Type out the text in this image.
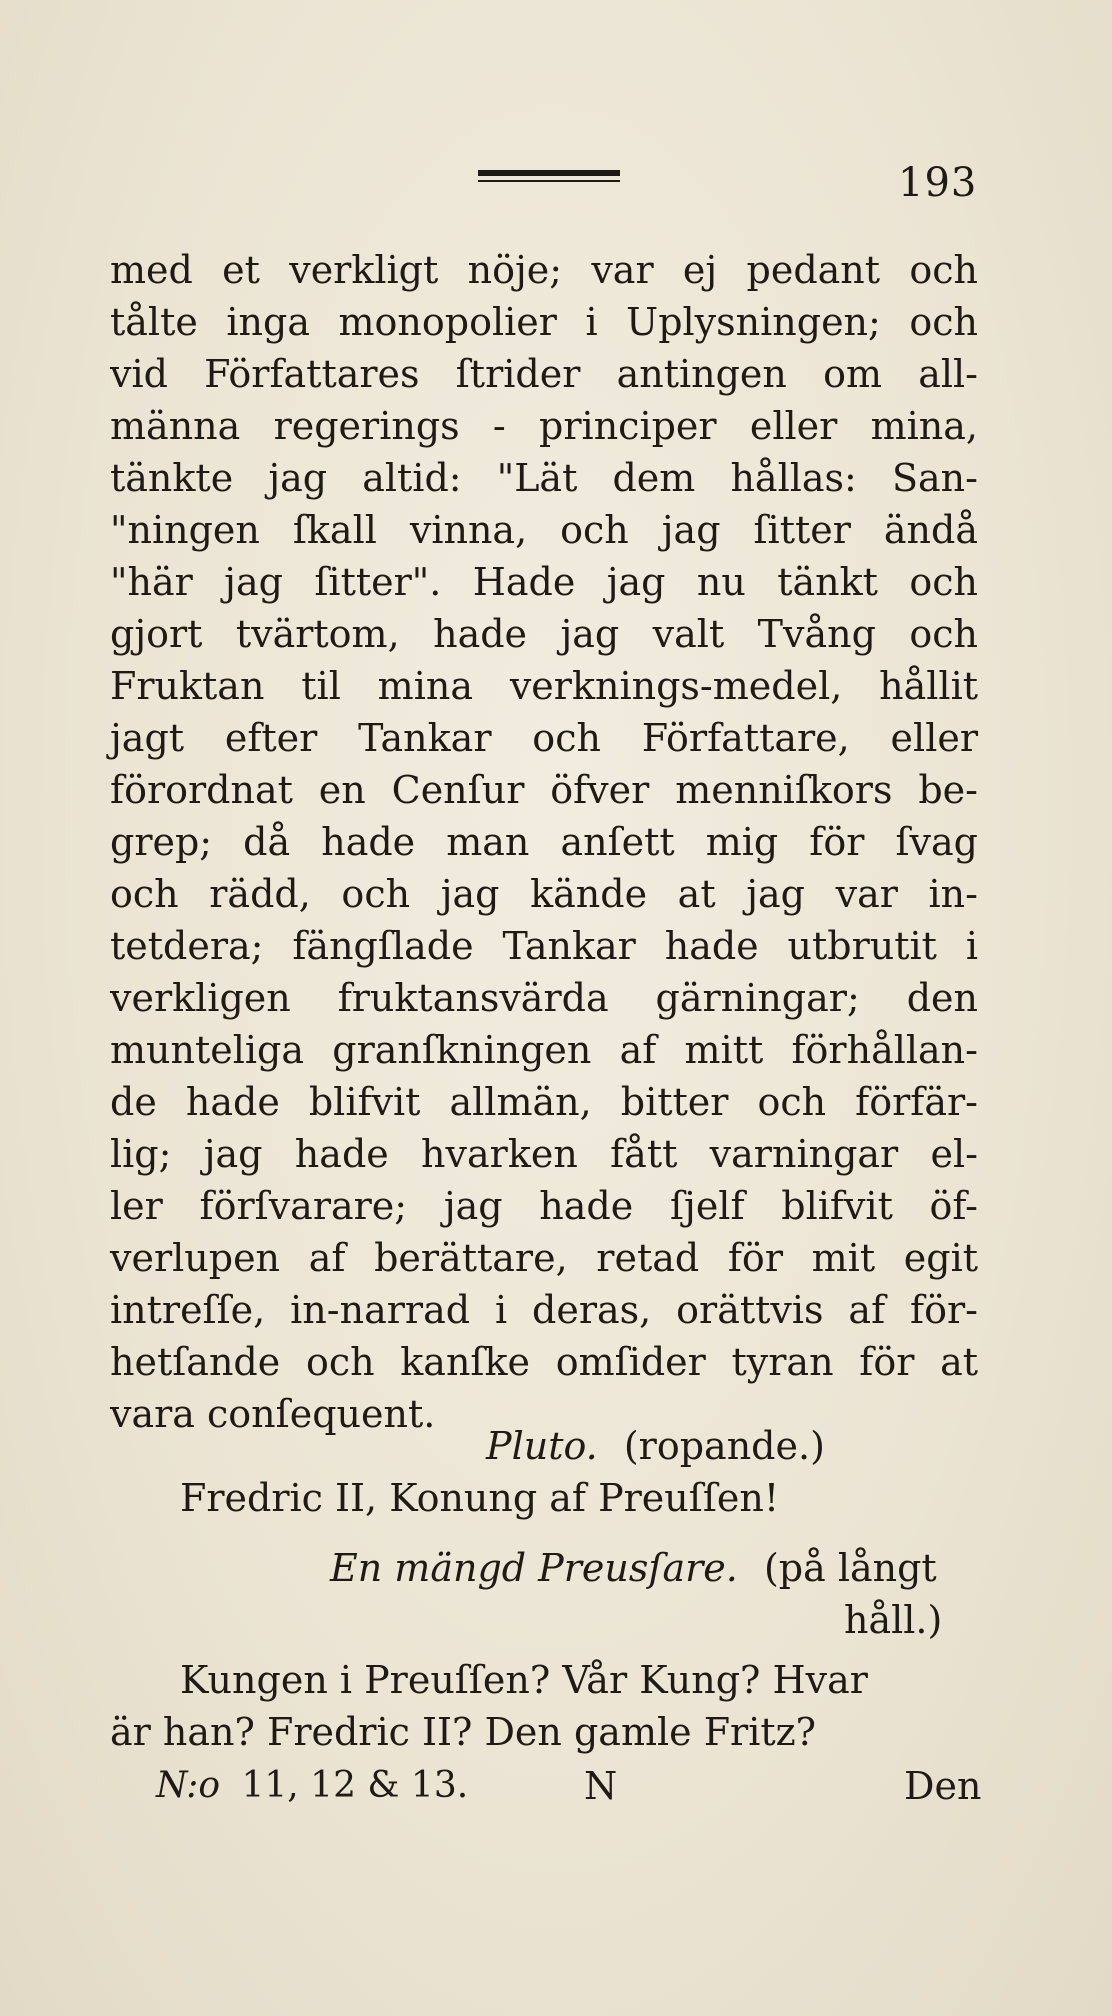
193
med et verkligt nöje; var ej pedant och
tålte inga monopolier i Uplysningen; och
vid Författares ſtrider antingen om all-
männa regerings - principer eller mina,
tänkte jag altid: "Lät dem hållas: San-
"ningen ſkall vinna, och jag ſitter ändå
"här jag ſitter". Hade jag nu tänkt och
gjort tvärtom, hade jag valt Tvång och
Fruktan til mina verknings-medel, hållit
jagt efter Tankar och Författare, eller
förordnat en Cenſur öfver menniſkors be-
grep; då hade man anſett mig för ſvag
och rädd, och jag kände at jag var in-
tetdera; fängſlade Tankar hade utbrutit i
verkligen fruktansvärda gärningar; den
munteliga granſkningen af mitt förhållan-
de hade blifvit allmän, bitter och förfär-
lig; jag hade hvarken fått varningar el-
ler förſvarare; jag hade ſjelf blifvit öf-
verlupen af berättare, retad för mit egit
intreſſe, in-narrad i deras, orättvis af för-
hetſande och kanſke omſider tyran för at
vara conſequent.
Pluto. (ropande.)
Fredric II, Konung af Preuſſen!
En mängd Preusſare. (på långt
håll.)
Kungen i Preuſſen? Vår Kung? Hvar
är han? Fredric II? Den gamle Fritz?
N:o 11, 12 & 13.	N	Den
